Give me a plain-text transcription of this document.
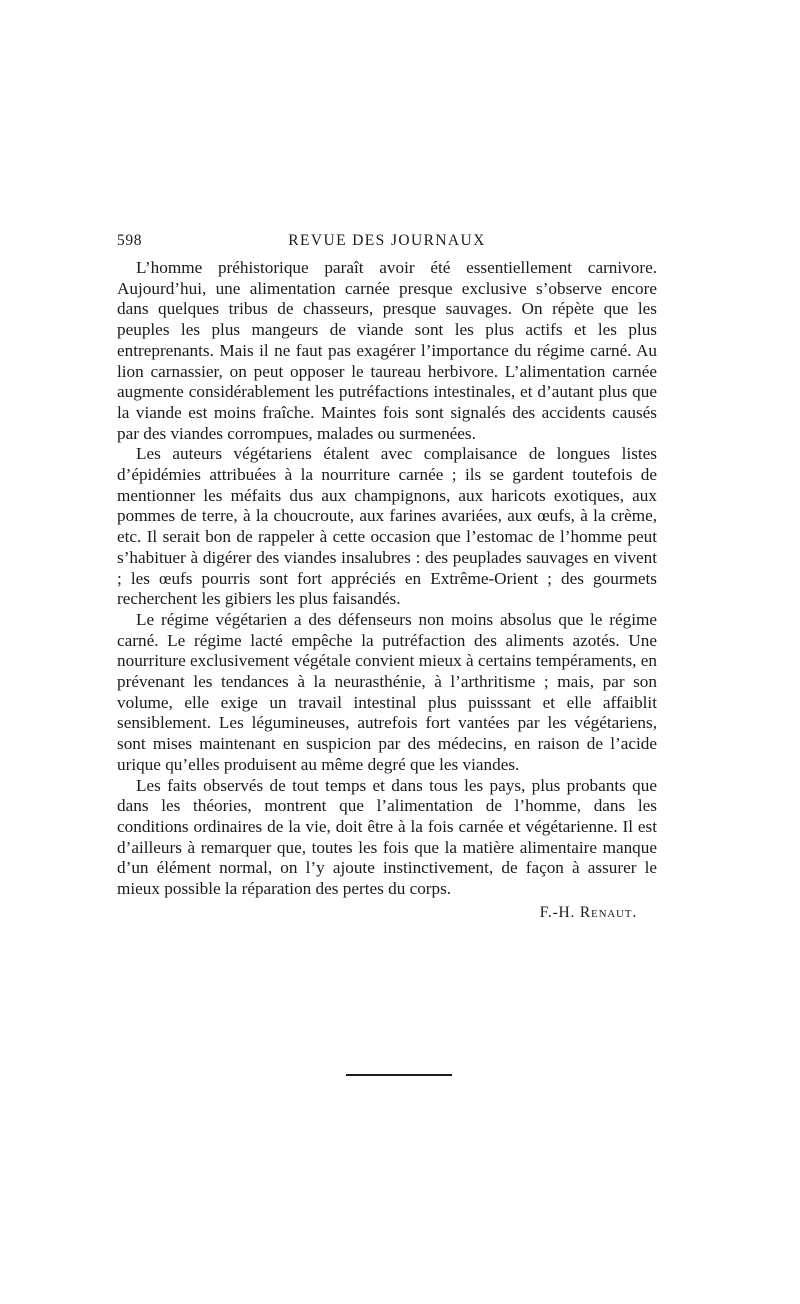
598	REVUE DES JOURNAUX

L’homme préhistorique paraît avoir été essentiellement carnivore. Aujourd’hui, une alimentation carnée presque exclusive s’observe encore dans quelques tribus de chasseurs, presque sauvages. On répète que les peuples les plus mangeurs de viande sont les plus actifs et les plus entreprenants. Mais il ne faut pas exagérer l’importance du régime carné. Au lion carnassier, on peut opposer le taureau herbivore. L’alimentation carnée augmente considérablement les putréfactions intestinales, et d’autant plus que la viande est moins fraîche. Maintes fois sont signalés des accidents causés par des viandes corrompues, malades ou surmenées.

Les auteurs végétariens étalent avec complaisance de longues listes d’épidémies attribuées à la nourriture carnée ; ils se gardent toutefois de mentionner les méfaits dus aux champignons, aux haricots exotiques, aux pommes de terre, à la choucroute, aux farines avariées, aux œufs, à la crème, etc. Il serait bon de rappeler à cette occasion que l’estomac de l’homme peut s’habituer à digérer des viandes insalubres : des peuplades sauvages en vivent ; les œufs pourris sont fort appréciés en Extrême-Orient ; des gourmets recherchent les gibiers les plus faisandés.

Le régime végétarien a des défenseurs non moins absolus que le régime carné. Le régime lacté empêche la putréfaction des aliments azotés. Une nourriture exclusivement végétale convient mieux à certains tempéraments, en prévenant les tendances à la neurasthénie, à l’arthritisme ; mais, par son volume, elle exige un travail intestinal plus puisssant et elle affaiblit sensiblement. Les légumineuses, autrefois fort vantées par les végétariens, sont mises maintenant en suspicion par des médecins, en raison de l’acide urique qu’elles produisent au même degré que les viandes.

Les faits observés de tout temps et dans tous les pays, plus probants que dans les théories, montrent que l’alimentation de l’homme, dans les conditions ordinaires de la vie, doit être à la fois carnée et végétarienne. Il est d’ailleurs à remarquer que, toutes les fois que la matière alimentaire manque d’un élément normal, on l’y ajoute instinctivement, de façon à assurer le mieux possible la réparation des pertes du corps.

F.-H. Renaut.
